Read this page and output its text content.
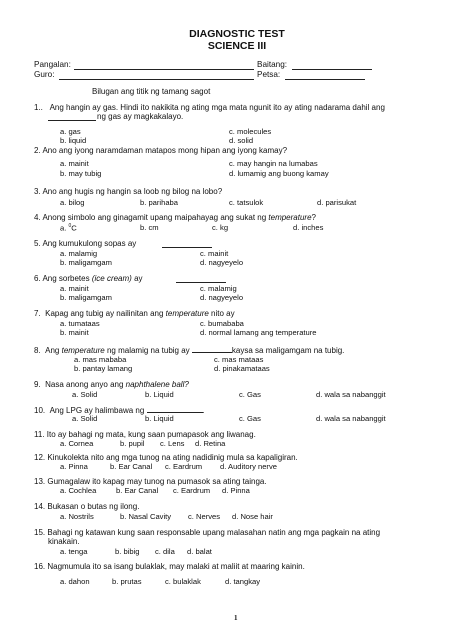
DIAGNOSTIC TEST
SCIENCE III
Pangalan:	Baitang:
Guro:	Petsa:
Bilugan ang titik ng tamang sagot
1.. Ang hangin ay gas. Hindi ito nakikita ng ating mga mata ngunit ito ay ating nadarama dahil ang
ng gas ay magkakalayo.
a. gas	c. molecules
b. liquid	d. solid
2. Ano ang iyong naramdaman matapos mong hipan ang iyong kamay?
a. mainit	c. may hangin na lumabas
b. may tubig	d. lumamig ang buong kamay
3. Ano ang hugis ng hangin sa loob ng bilog na lobo?
a. bilog	b. parihaba	c. tatsulok	d. parisukat
4. Anong simbolo ang ginagamit upang maipahayag ang sukat ng temperature?
a. $^0$C	b. cm	c. kg	d. inches
5. Ang kumukulong sopas ay
a. malamig	c. mainit
b. maligamgam	d. nagyeyelo
6. Ang sorbetes (ice cream) ay
a. mainit	c. malamig
b. maligamgam	d. nagyeyelo
7. Kapag ang tubig ay nailinitan ang temperature nito ay
a. tumataas	c. bumababa
b. mainit	d. normal lamang ang temperature
8. Ang temperature ng malamig na tubig ay	kaysa sa maligamgam na tubig.
a. mas mababa	c. mas mataas
b. pantay lamang	d. pinakamataas
9. Nasa anong anyo ang naphthalene ball?
a. Solid	b. Liquid	c. Gas	d. wala sa nabanggit
10. Ang LPG ay halimbawa ng	.
a. Solid	b. Liquid	c. Gas	d. wala sa nabanggit
11. Ito ay bahagi ng mata, kung saan pumapasok ang liwanag.
a. Cornea	b. pupil c. Lens d. Retina
12. Kinukolekta nito ang mga tunog na ating nadidinig mula sa kapaligiran.
a. Pinna	b. Ear Canal c. Eardrum d. Auditory nerve
13. Gumagalaw ito kapag may tunog na pumasok sa ating tainga.
a. Cochlea	b. Ear Canal c. Eardrum d. Pinna
14. Bukasan o butas ng ilong.
a. Nostrils	b. Nasal Cavity c. Nerves d. Nose hair
15. Bahagi ng katawan kung saan responsable upang malasahan natin ang mga pagkain na ating
kinakain.
a. tenga	b. bibig c. dila d. balat
16. Nagmumula ito sa isang bulaklak, may malaki at maliit at maaring kainin.
a. dahon	b. prutas	c. bulaklak	d. tangkay
1
